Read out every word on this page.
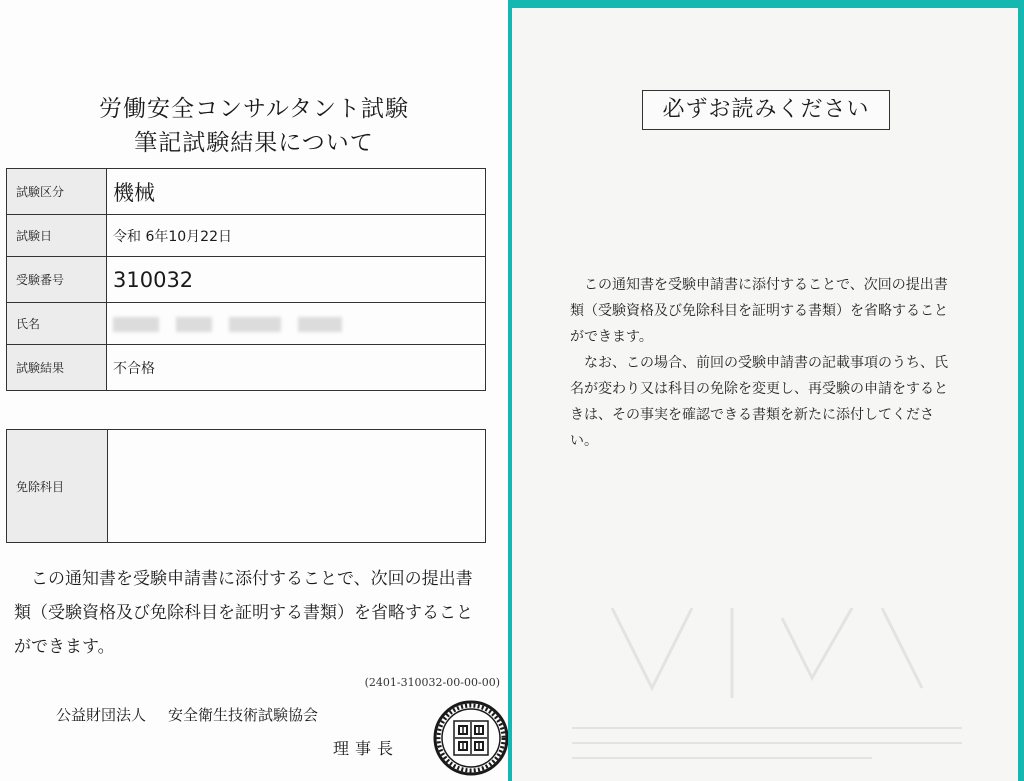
労働安全コンサルタント試験
筆記試験結果について
試験区分	機械
試験日	令和 6年10月22日
受験番号	310032
氏名	
試験結果	不合格
免除科目	
この通知書を受験申請書に添付することで、次回の提出書類（受験資格及び免除科目を証明する書類）を省略することができます。
(2401-310032-00-00-00)
公益財団法人 安全衛生技術試験協会
理事長
必ずお読みください

この通知書を受験申請書に添付することで、次回の提出書類（受験資格及び免除科目を証明する書類）を省略することができます。

なお、この場合、前回の受験申請書の記載事項のうち、氏名が変わり又は科目の免除を変更し、再受験の申請をするときは、その事実を確認できる書類を新たに添付してください。
